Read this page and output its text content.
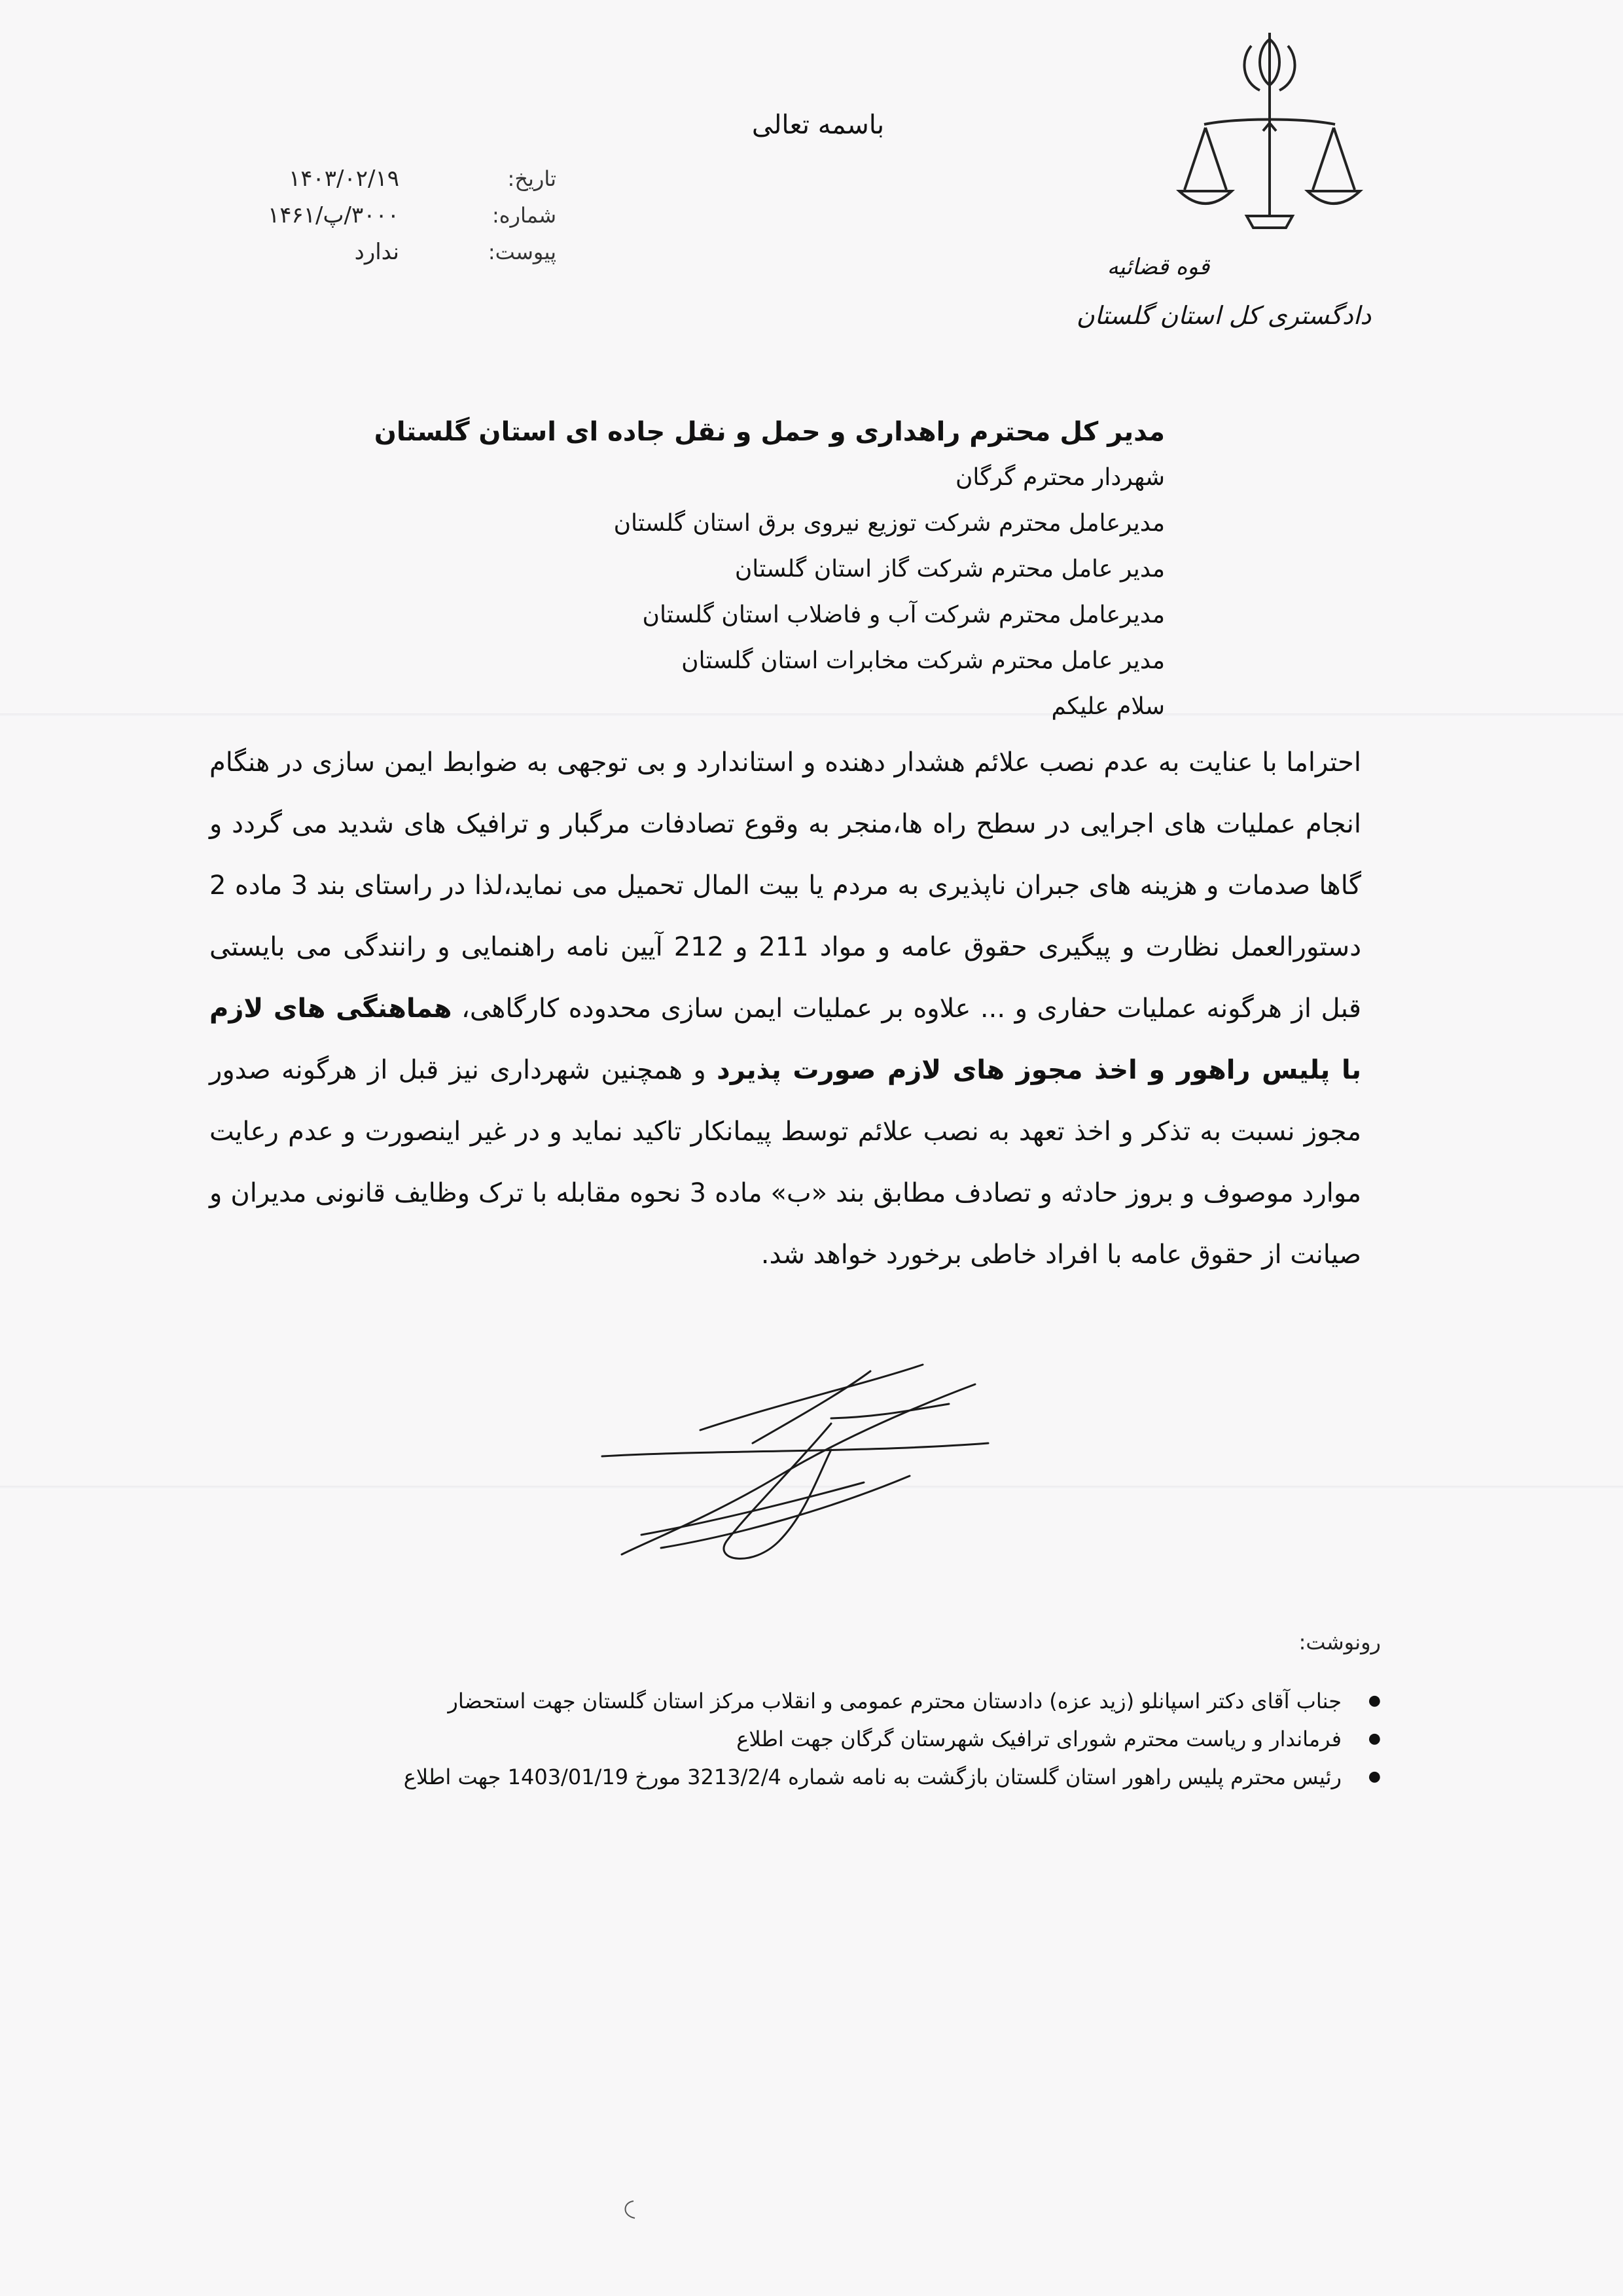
قوه قضائیه
دادگستری کل استان گلستان
باسمه تعالی
تاریخ:
شماره:
پیوست:
۱۴۰۳/۰۲/۱۹
۳۰۰۰/پ/۱۴۶۱
ندارد
مدیر کل محترم راهداری و حمل و نقل جاده ای استان گلستان
شهردار محترم گرگان
مدیرعامل محترم شرکت توزیع نیروی برق استان گلستان
مدیر عامل محترم شرکت گاز استان گلستان
مدیرعامل محترم شرکت آب و فاضلاب استان گلستان
مدیر عامل محترم شرکت مخابرات استان گلستان
سلام علیکم
احتراما با عنایت به عدم نصب علائم هشدار دهنده و استاندارد و بی توجهی به ضوابط ایمن سازی در هنگام انجام عملیات های اجرایی در سطح راه ها،منجر به وقوع تصادفات مرگبار و ترافیک های شدید می گردد و گاها صدمات و هزینه های جبران ناپذیری به مردم یا بیت المال تحمیل می نماید،لذا در راستای بند 3 ماده 2 دستورالعمل نظارت و پیگیری حقوق عامه و مواد 211 و 212 آیین نامه راهنمایی و رانندگی می بایستی قبل از هرگونه عملیات حفاری و ... علاوه بر عملیات ایمن سازی محدوده کارگاهی، هماهنگی های لازم با پلیس راهور و اخذ مجوز های لازم صورت پذیرد و همچنین شهرداری نیز قبل از هرگونه صدور مجوز نسبت به تذکر و اخذ تعهد به نصب علائم توسط پیمانکار تاکید نماید و در غیر اینصورت و عدم رعایت موارد موصوف و بروز حادثه و تصادف مطابق بند «ب» ماده 3 نحوه مقابله با ترک وظایف قانونی مدیران و صیانت از حقوق عامه با افراد خاطی برخورد خواهد شد.
رونوشت:
● جناب آقای دکتر اسپانلو (زید عزه) دادستان محترم عمومی و انقلاب مرکز استان گلستان جهت استحضار
● فرماندار و ریاست محترم شورای ترافیک شهرستان گرگان جهت اطلاع
● رئیس محترم پلیس راهور استان گلستان بازگشت به نامه شماره 3213/2/4 مورخ 1403/01/19 جهت اطلاع
